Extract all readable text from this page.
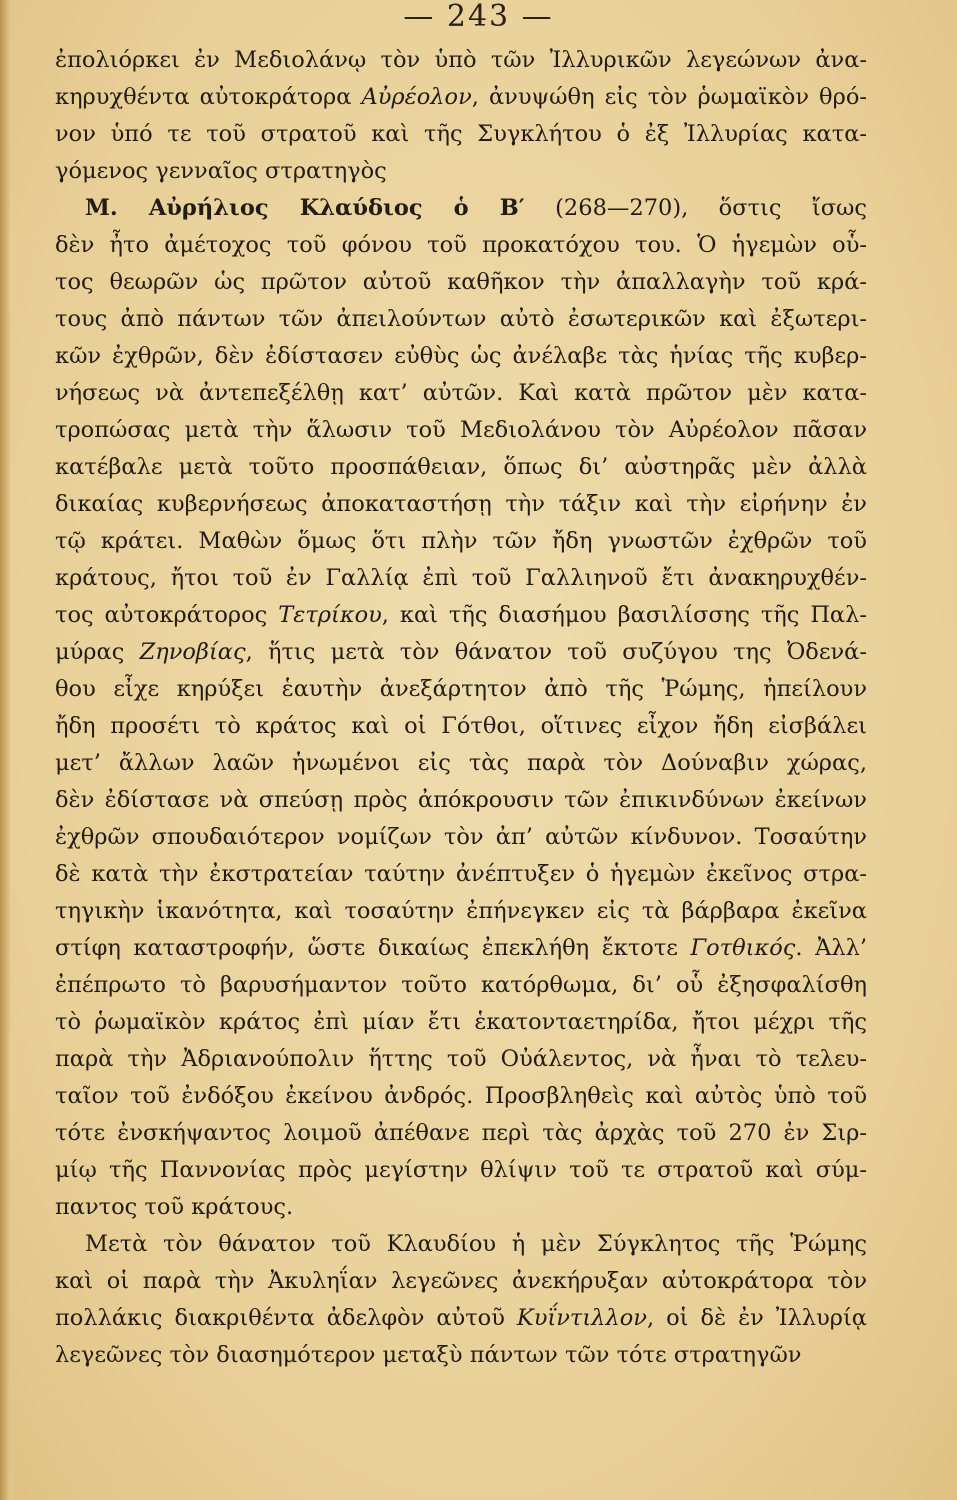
— 243 —
ἐπολιόρκει ἐν Μεδιολάνῳ τὸν ὑπὸ τῶν Ἰλλυρικῶν λεγεώνων ἀνα-
κηρυχθέντα αὐτοκράτορα Αὐρέολον, ἀνυψώθη εἰς τὸν ῥωμαϊκὸν θρό-
νον ὑπό τε τοῦ στρατοῦ καὶ τῆς Συγκλήτου ὁ ἐξ Ἰλλυρίας κατα-
γόμενος γενναῖος στρατηγὸς
Μ. Αὐρήλιος Κλαύδιος ὁ Β′ (268—270), ὅστις ἴσως
δὲν ἦτο ἀμέτοχος τοῦ φόνου τοῦ προκατόχου του. Ὁ ἡγεμὼν οὗ-
τος θεωρῶν ὡς πρῶτον αὐτοῦ καθῆκον τὴν ἀπαλλαγὴν τοῦ κρά-
τους ἀπὸ πάντων τῶν ἀπειλούντων αὐτὸ ἐσωτερικῶν καὶ ἐξωτερι-
κῶν ἐχθρῶν, δὲν ἐδίστασεν εὐθὺς ὡς ἀνέλαβε τὰς ἡνίας τῆς κυβερ-
νήσεως νὰ ἀντεπεξέλθῃ κατ’ αὐτῶν. Καὶ κατὰ πρῶτον μὲν κατα-
τροπώσας μετὰ τὴν ἅλωσιν τοῦ Μεδιολάνου τὸν Αὐρέολον πᾶσαν
κατέβαλε μετὰ τοῦτο προσπάθειαν, ὅπως δι’ αὐστηρᾶς μὲν ἀλλὰ
δικαίας κυβερνήσεως ἀποκαταστήσῃ τὴν τάξιν καὶ τὴν εἰρήνην ἐν
τῷ κράτει. Μαθὼν ὅμως ὅτι πλὴν τῶν ἤδη γνωστῶν ἐχθρῶν τοῦ
κράτους, ἤτοι τοῦ ἐν Γαλλίᾳ ἐπὶ τοῦ Γαλλιηνοῦ ἔτι ἀνακηρυχθέν-
τος αὐτοκράτορος Τετρίκου, καὶ τῆς διασήμου βασιλίσσης τῆς Παλ-
μύρας Ζηνοβίας, ἥτις μετὰ τὸν θάνατον τοῦ συζύγου της Ὀδενά-
θου εἶχε κηρύξει ἑαυτὴν ἀνεξάρτητον ἀπὸ τῆς Ῥώμης, ἠπείλουν
ἤδη προσέτι τὸ κράτος καὶ οἱ Γότθοι, οἵτινες εἶχον ἤδη εἰσβάλει
μετ’ ἄλλων λαῶν ἡνωμένοι εἰς τὰς παρὰ τὸν Δούναβιν χώρας,
δὲν ἐδίστασε νὰ σπεύσῃ πρὸς ἀπόκρουσιν τῶν ἐπικινδύνων ἐκείνων
ἐχθρῶν σπουδαιότερον νομίζων τὸν ἀπ’ αὐτῶν κίνδυνον. Τοσαύτην
δὲ κατὰ τὴν ἐκστρατείαν ταύτην ἀνέπτυξεν ὁ ἡγεμὼν ἐκεῖνος στρα-
τηγικὴν ἱκανότητα, καὶ τοσαύτην ἐπήνεγκεν εἰς τὰ βάρβαρα ἐκεῖνα
στίφη καταστροφήν, ὥστε δικαίως ἐπεκλήθη ἔκτοτε Γοτθικός. Ἀλλ’
ἐπέπρωτο τὸ βαρυσήμαντον τοῦτο κατόρθωμα, δι’ οὗ ἐξησφαλίσθη
τὸ ῥωμαϊκὸν κράτος ἐπὶ μίαν ἔτι ἑκατονταετηρίδα, ἤτοι μέχρι τῆς
παρὰ τὴν Ἀδριανούπολιν ἥττης τοῦ Οὐάλεντος, νὰ ἦναι τὸ τελευ-
ταῖον τοῦ ἐνδόξου ἐκείνου ἀνδρός. Προσβληθεὶς καὶ αὐτὸς ὑπὸ τοῦ
τότε ἐνσκήψαντος λοιμοῦ ἀπέθανε περὶ τὰς ἀρχὰς τοῦ 270 ἐν Σιρ-
μίῳ τῆς Παννονίας πρὸς μεγίστην θλίψιν τοῦ τε στρατοῦ καὶ σύμ-
παντος τοῦ κράτους.
Μετὰ τὸν θάνατον τοῦ Κλαυδίου ἡ μὲν Σύγκλητος τῆς Ῥώμης
καὶ οἱ παρὰ τὴν Ἀκυληΐαν λεγεῶνες ἀνεκήρυξαν αὐτοκράτορα τὸν
πολλάκις διακριθέντα ἀδελφὸν αὐτοῦ Κυΐντιλλον, οἱ δὲ ἐν Ἰλλυρίᾳ
λεγεῶνες τὸν διασημότερον μεταξὺ πάντων τῶν τότε στρατηγῶν
